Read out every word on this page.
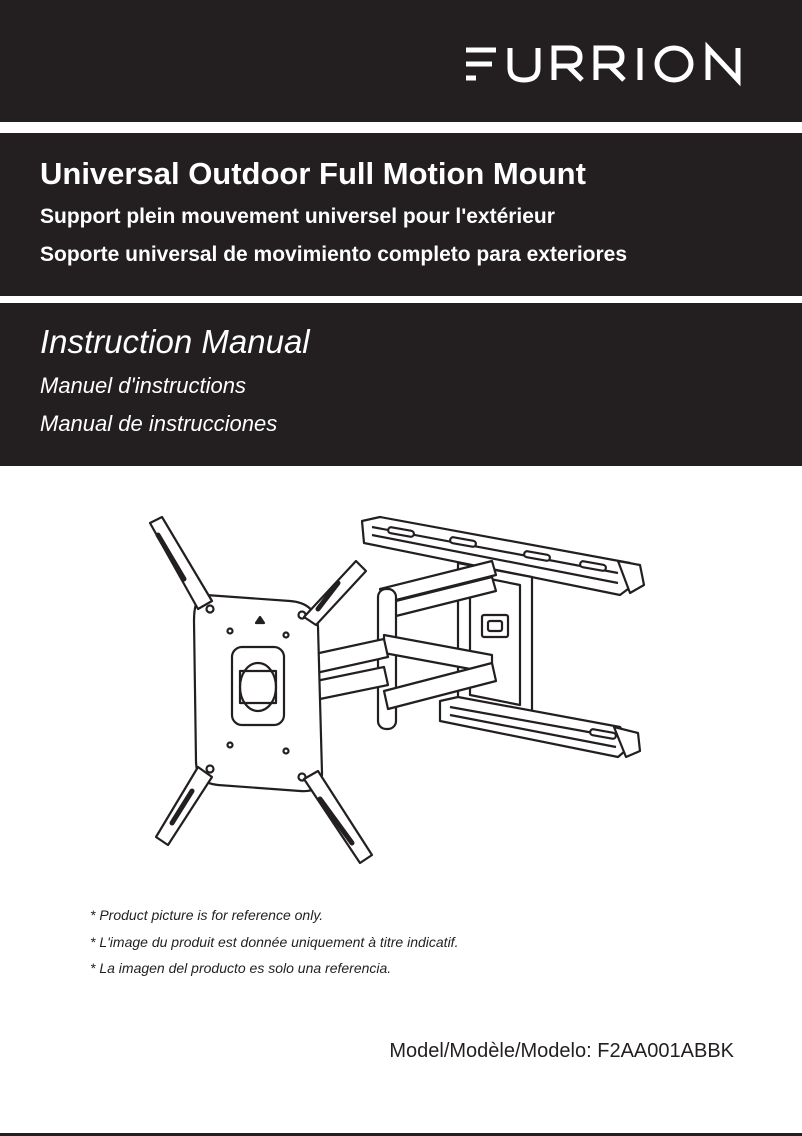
Universal Outdoor Full Motion Mount
Support plein mouvement universel pour l'extérieur
Soporte universal de movimiento completo para exteriores
Instruction Manual

Manuel d'instructions

Manual de instrucciones

* Product picture is for reference only.

* L'image du produit est donnée uniquement à titre indicatif.

* La imagen del producto es solo una referencia.

Model/Modèle/Modelo: F2AA001ABBK
